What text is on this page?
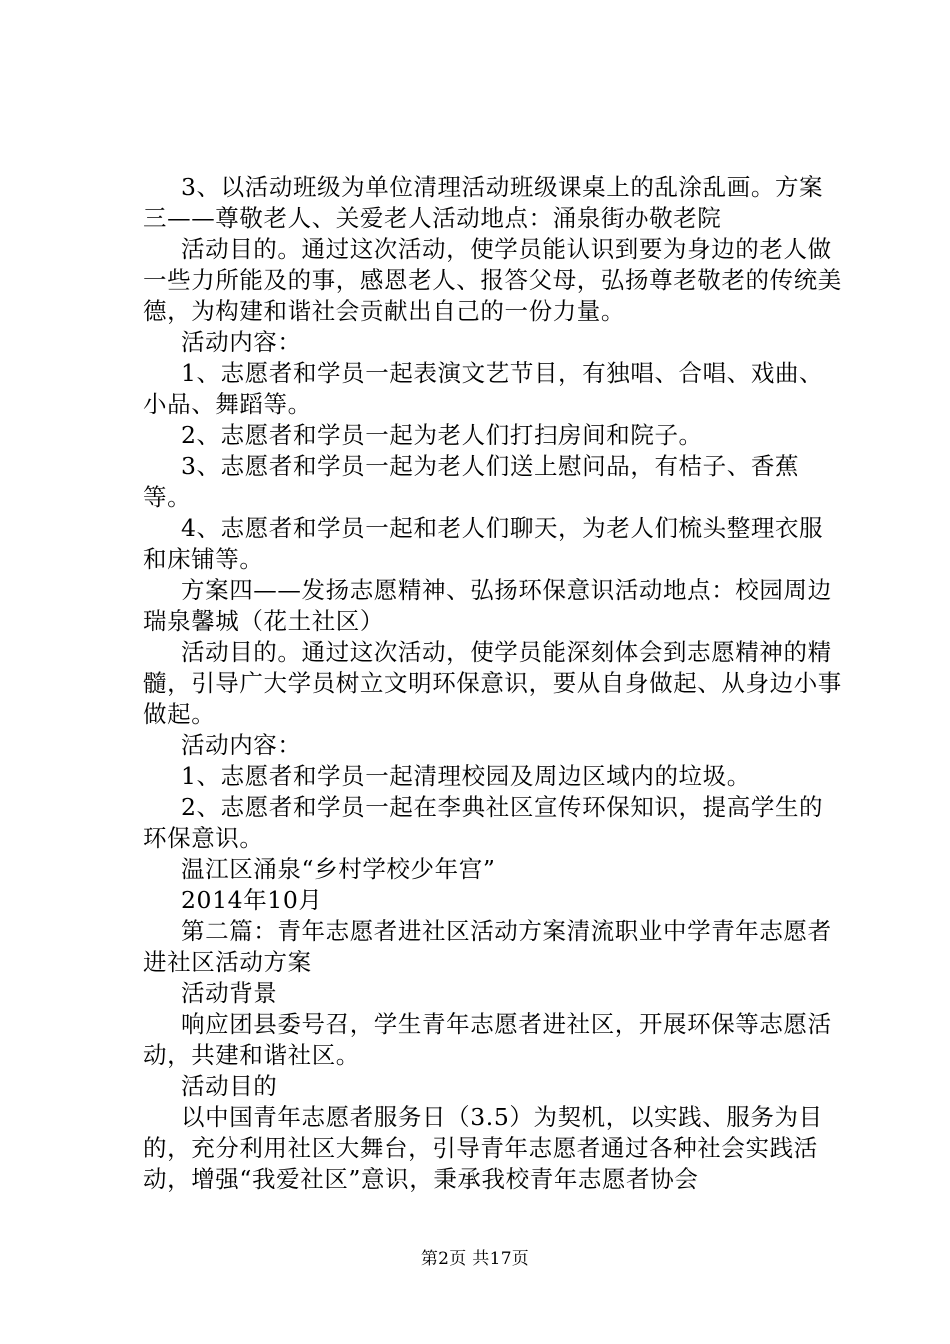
3、以活动班级为单位清理活动班级课桌上的乱涂乱画。方案三——尊敬老人、关爱老人活动地点：涌泉街办敬老院

活动目的。通过这次活动，使学员能认识到要为身边的老人做一些力所能及的事，感恩老人、报答父母，弘扬尊老敬老的传统美德，为构建和谐社会贡献出自己的一份力量。

活动内容：

1、志愿者和学员一起表演文艺节目，有独唱、合唱、戏曲、小品、舞蹈等。

2、志愿者和学员一起为老人们打扫房间和院子。

3、志愿者和学员一起为老人们送上慰问品，有桔子、香蕉等。

4、志愿者和学员一起和老人们聊天，为老人们梳头整理衣服和床铺等。

方案四——发扬志愿精神、弘扬环保意识活动地点：校园周边瑞泉馨城（花土社区）

活动目的。通过这次活动，使学员能深刻体会到志愿精神的精髓，引导广大学员树立文明环保意识，要从自身做起、从身边小事做起。

活动内容：

1、志愿者和学员一起清理校园及周边区域内的垃圾。

2、志愿者和学员一起在李典社区宣传环保知识，提高学生的环保意识。

温江区涌泉“乡村学校少年宫”

2014年10月

第二篇：青年志愿者进社区活动方案清流职业中学青年志愿者进社区活动方案

活动背景

响应团县委号召，学生青年志愿者进社区，开展环保等志愿活动，共建和谐社区。

活动目的

以中国青年志愿者服务日（3.5）为契机，以实践、服务为目的，充分利用社区大舞台，引导青年志愿者通过各种社会实践活动，增强“我爱社区”意识，秉承我校青年志愿者协会

第2页 共17页
